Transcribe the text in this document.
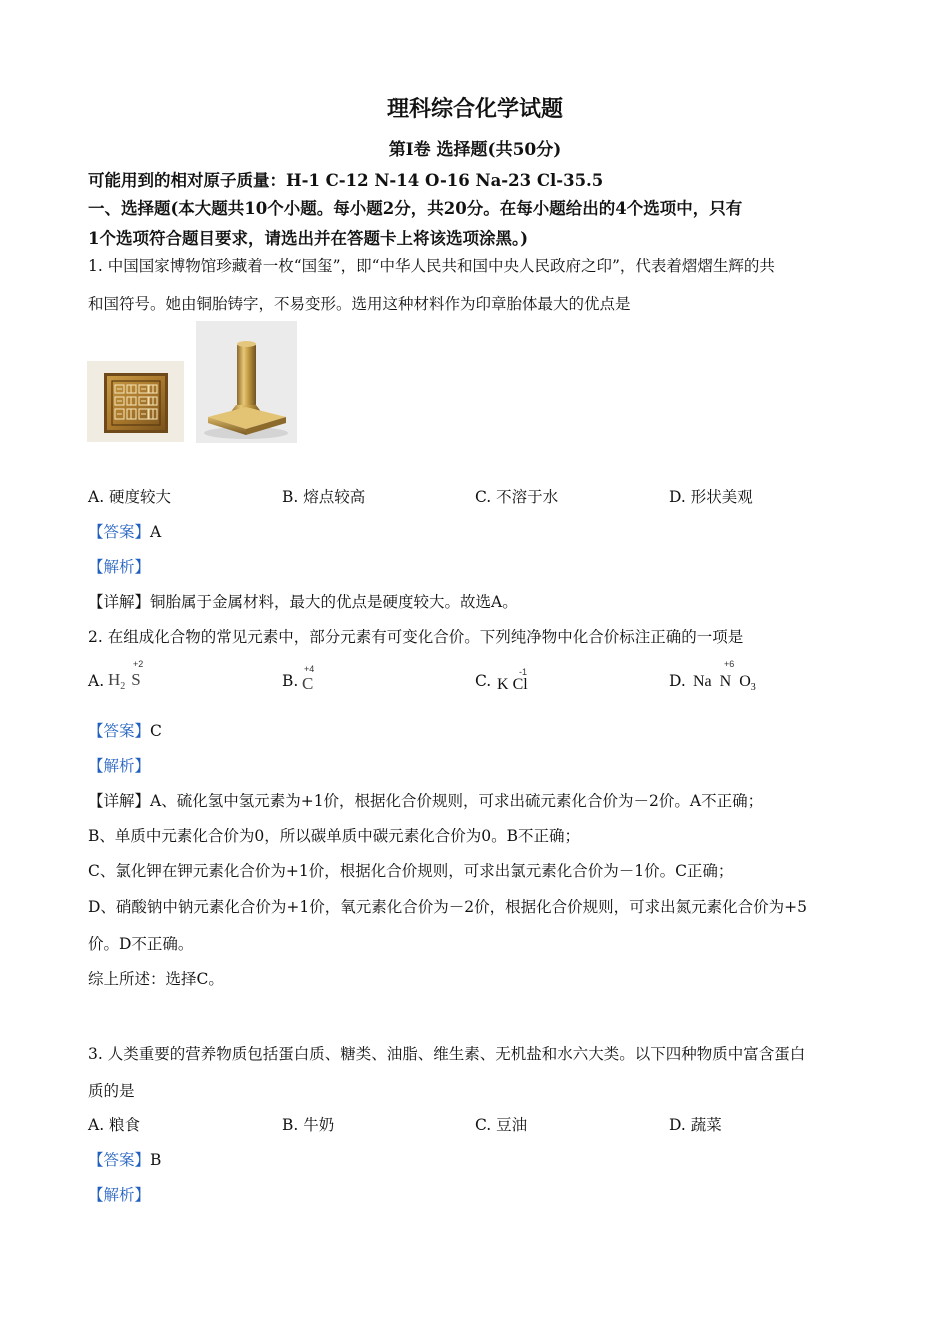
理科综合化学试题
第Ⅰ卷 选择题(共50分)
可能用到的相对原子质量：H-1 C-12 N-14 O-16 Na-23 Cl-35.5
一、选择题(本大题共10个小题。每小题2分，共20分。在每小题给出的4个选项中，只有
1个选项符合题目要求，请选出并在答题卡上将该选项涂黑。)
1. 中国国家博物馆珍藏着一枚“国玺”，即“中华人民共和国中央人民政府之印”，代表着熠熠生辉的共
和国符号。她由铜胎铸字，不易变形。选用这种材料作为印章胎体最大的优点是
A. 硬度较大	B. 熔点较高	C. 不溶于水	D. 形状美观
【答案】A
【解析】
【详解】铜胎属于金属材料，最大的优点是硬度较大。故选A。
2. 在组成化合物的常见元素中，部分元素有可变化合价。下列纯净物中化合价标注正确的一项是
A. $H_2$ S
+2
B. C
+4
C. K Cl
-1	D. Na N $O_3$
+6
【答案】C
【解析】
【详解】A、硫化氢中氢元素为+1价，根据化合价规则，可求出硫元素化合价为－2价。A不正确；
B、单质中元素化合价为0，所以碳单质中碳元素化合价为0。B不正确；
C、氯化钾在钾元素化合价为+1价，根据化合价规则，可求出氯元素化合价为－1价。C正确；
D、硝酸钠中钠元素化合价为+1价，氧元素化合价为－2价，根据化合价规则，可求出氮元素化合价为+5
价。D不正确。
综上所述：选择C。
3. 人类重要的营养物质包括蛋白质、糖类、油脂、维生素、无机盐和水六大类。以下四种物质中富含蛋白
质的是
A. 粮食	B. 牛奶	C. 豆油	D. 蔬菜
【答案】B
【解析】
